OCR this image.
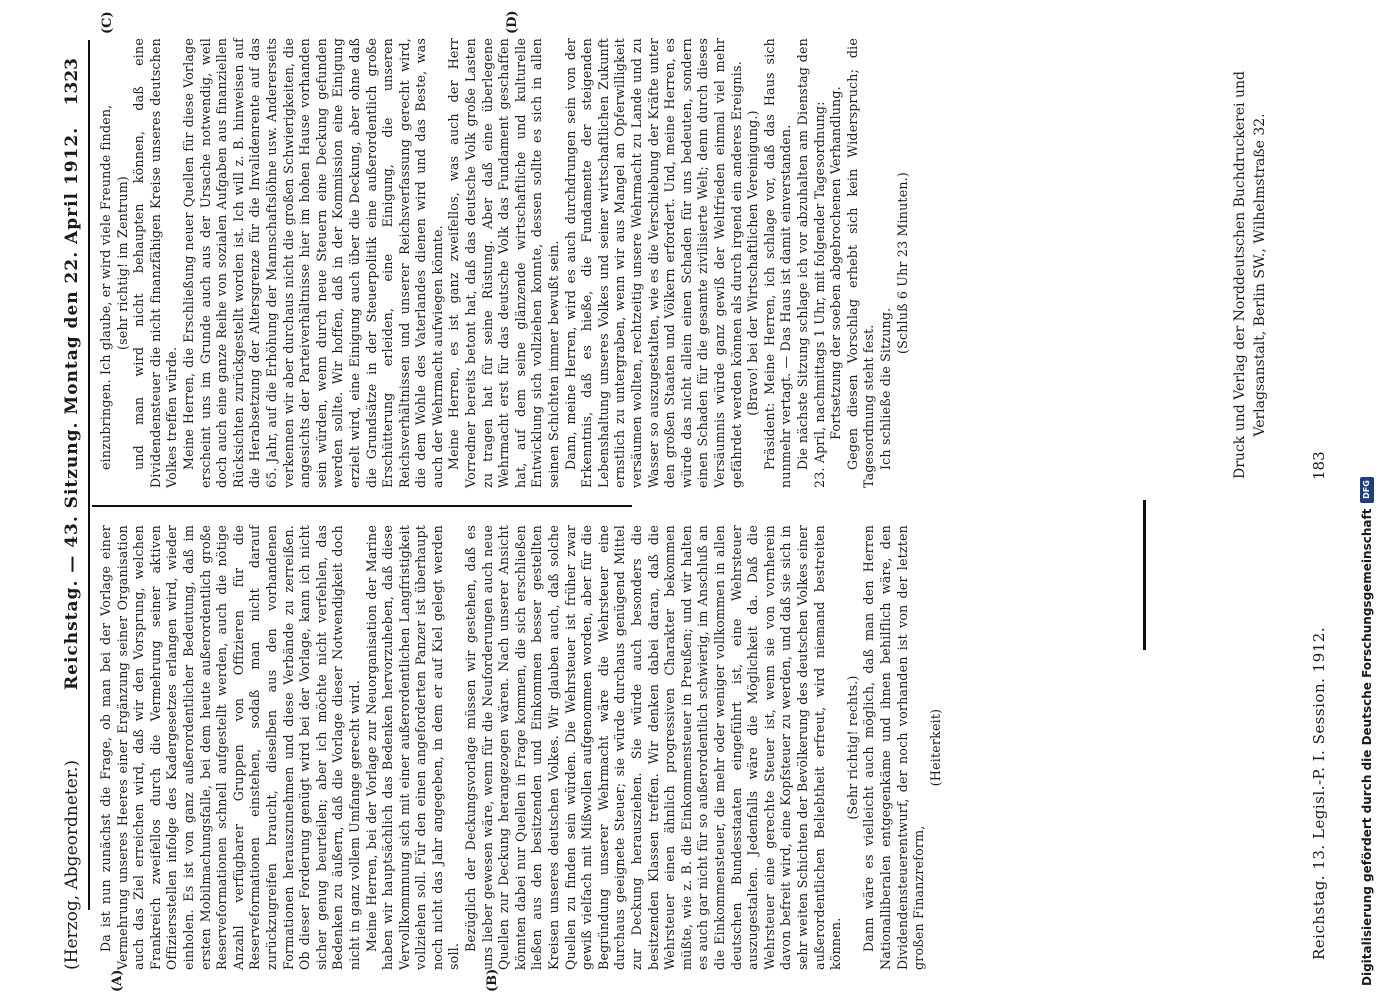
(Herzog, Abgeordneter.)
Reichstag. — 43. Sitzung. Montag den 22. April 1912.
1323
(A)	(B)
(C)	(D)

Da ist nun zunächst die Frage, ob man bei der Vorlage einer Vermehrung unseres Heeres einer Ergänzung seiner Organisation auch das Ziel erreichen wird, daß wir den Vorsprung, welchen Frankreich zweifellos durch die Vermehrung seiner aktiven Offiziersstellen infolge des Kadergesetzes erlangen wird, wieder einholen. Es ist von ganz außerordentlicher Bedeutung, daß im ersten Mobilmachungsfalle, bei dem heute außerordentlich große Reserveformationen schnell aufgestellt werden, auch die nötige Anzahl verfügbarer Gruppen von Offizieren für die Reserveformationen einstehen, sodaß man nicht darauf zurückzugreifen braucht, dieselben aus den vorhandenen Formationen herauszunehmen und diese Verbände zu zerreißen. Ob dieser Forderung genügt wird bei der Vorlage, kann ich nicht sicher genug beurteilen; aber ich möchte nicht verfehlen, das Bedenken zu äußern, daß die Vorlage dieser Notwendigkeit doch nicht in ganz vollem Umfange gerecht wird. Meine Herren, bei der Vorlage zur Neuorganisation der Marine haben wir hauptsächlich das Bedenken hervorzuheben, daß diese Vervollkommnung sich mit einer außerordentlichen Langfristigkeit vollziehen soll. Für den einen angeforderten Panzer ist überhaupt noch nicht das Jahr angegeben, in dem er auf Kiel gelegt werden soll.

Bezüglich der Deckungsvorlage müssen wir gestehen, daß es uns lieber gewesen wäre, wenn für die Neuforderungen auch neue Quellen zur Deckung herangezogen wären. Nach unserer Ansicht könnten dabei nur Quellen in Frage kommen, die sich erschließen ließen aus den besitzenden und Einkommen besser gestellten Kreisen unseres deutschen Volkes. Wir glauben auch, daß solche Quellen zu finden sein würden. Die Wehrsteuer ist früher zwar gewiß vielfach mit Mißwollen aufgenommen worden, aber für die Begründung unserer Wehrmacht wäre die Wehrsteuer eine durchaus geeignete Steuer; sie würde durchaus genügend Mittel zur Deckung herausziehen. Sie würde auch besonders die besitzenden Klassen treffen. Wir denken dabei daran, daß die Wehrsteuer einen ähnlich progressiven Charakter bekommen müßte, wie z. B. die Einkommensteuer in Preußen; und wir halten es auch gar nicht für so außerordentlich schwierig, im Anschluß an die Einkommensteuer, die mehr oder weniger vollkommen in allen deutschen Bundesstaaten eingeführt ist, eine Wehrsteuer auszugestalten. Jedenfalls wäre die Möglichkeit da. Daß die Wehrsteuer eine gerechte Steuer ist, wenn sie von vornherein davon befreit wird, eine Kopfsteuer zu werden, und daß sie sich in sehr weiten Schichten der Bevölkerung des deutschen Volkes einer außerordentlichen Beliebtheit erfreut, wird niemand bestreiten können.

(Sehr richtig! rechts.) Dann wäre es vielleicht auch möglich, daß man den Herren Nationalliberalen entgegenkäme und ihnen behilflich wäre, den Dividendensteuerentwurf, der noch vorhanden ist von der letzten großen Finanzreform,

(Heiterkeit)

einzubringen. Ich glaube, er wird viele Freunde finden, (sehr richtig! im Zentrum) und man wird nicht behaupten können, daß eine Dividendensteuer die nicht finanzfähigen Kreise unseres deutschen Volkes treffen würde. Meine Herren, die Erschließung neuer Quellen für diese Vorlage erscheint uns im Grunde auch aus der Ursache notwendig, weil doch auch eine ganze Reihe von sozialen Aufgaben aus finanziellen Rücksichten zurückgestellt worden ist. Ich will z. B. hinweisen auf die Herabsetzung der Altersgrenze für die Invalidenrente auf das 65. Jahr, auf die Erhöhung der Mannschaftslöhne usw. Andererseits verkennen wir aber durchaus nicht die großen Schwierigkeiten, die angesichts der Parteiverhältnisse hier im hohen Hause vorhanden sein würden, wenn durch neue Steuern eine Deckung gefunden werden sollte. Wir hoffen, daß in der Kommission eine Einigung erzielt wird, eine Einigung auch über die Deckung, aber ohne daß die Grundsätze in der Steuerpolitik eine außerordentlich große Erschütterung erleiden, eine Einigung, die unseren Reichsverhältnissen und unserer Reichsverfassung gerecht wird, die dem Wohle des Vaterlandes dienen wird und das Beste, was auch der Wehrmacht aufwiegen könnte. Meine Herren, es ist ganz zweifellos, was auch der Herr Vorredner bereits betont hat, daß das deutsche Volk große Lasten zu tragen hat für seine Rüstung. Aber daß eine überlegene Wehrmacht erst für das deutsche Volk das Fundament geschaffen hat, auf dem seine glänzende wirtschaftliche und kulturelle Entwicklung sich vollziehen konnte, dessen sollte es sich in allen seinen Schichten immer bewußt sein. Dann, meine Herren, wird es auch durchdrungen sein von der Erkenntnis, daß es hieße, die Fundamente der steigenden Lebenshaltung unseres Volkes und seiner wirtschaftlichen Zukunft ernstlich zu untergraben, wenn wir aus Mangel an Opferwilligkeit versäumen wollten, rechtzeitig unsere Wehrmacht zu Lande und zu Wasser so auszugestalten, wie es die Verschiebung der Kräfte unter den großen Staaten und Völkern erfordert. Und, meine Herren, es würde das nicht allein einen Schaden für uns bedeuten, sondern einen Schaden für die gesamte zivilisierte Welt; denn durch dieses Versäumnis würde ganz gewiß der Weltfrieden einmal viel mehr gefährdet werden können als durch irgend ein anderes Ereignis. (Bravo! bei der Wirtschaftlichen Vereinigung.) Präsident: Meine Herren, ich schlage vor, daß das Haus sich nunmehr vertagt. — Das Haus ist damit einverstanden. Die nächste Sitzung schlage ich vor abzuhalten am Dienstag den 23. April, nachmittags 1 Uhr, mit folgender Tagesordnung: Fortsetzung der soeben abgebrochenen Verhandlung. Gegen diesen Vorschlag erhebt sich kein Widerspruch; die Tagesordnung steht fest. Ich schließe die Sitzung.

(Schluß 6 Uhr 23 Minuten.)

Reichstag. 13. Legisl.-P. I. Session. 1912.
Druck und Verlag der Norddeutschen Buchdruckerei und Verlagsanstalt, Berlin SW., Wilhelmstraße 32.
183
Digitalisierung gefördert durch die Deutsche Forschungsgemeinschaft
DFG
